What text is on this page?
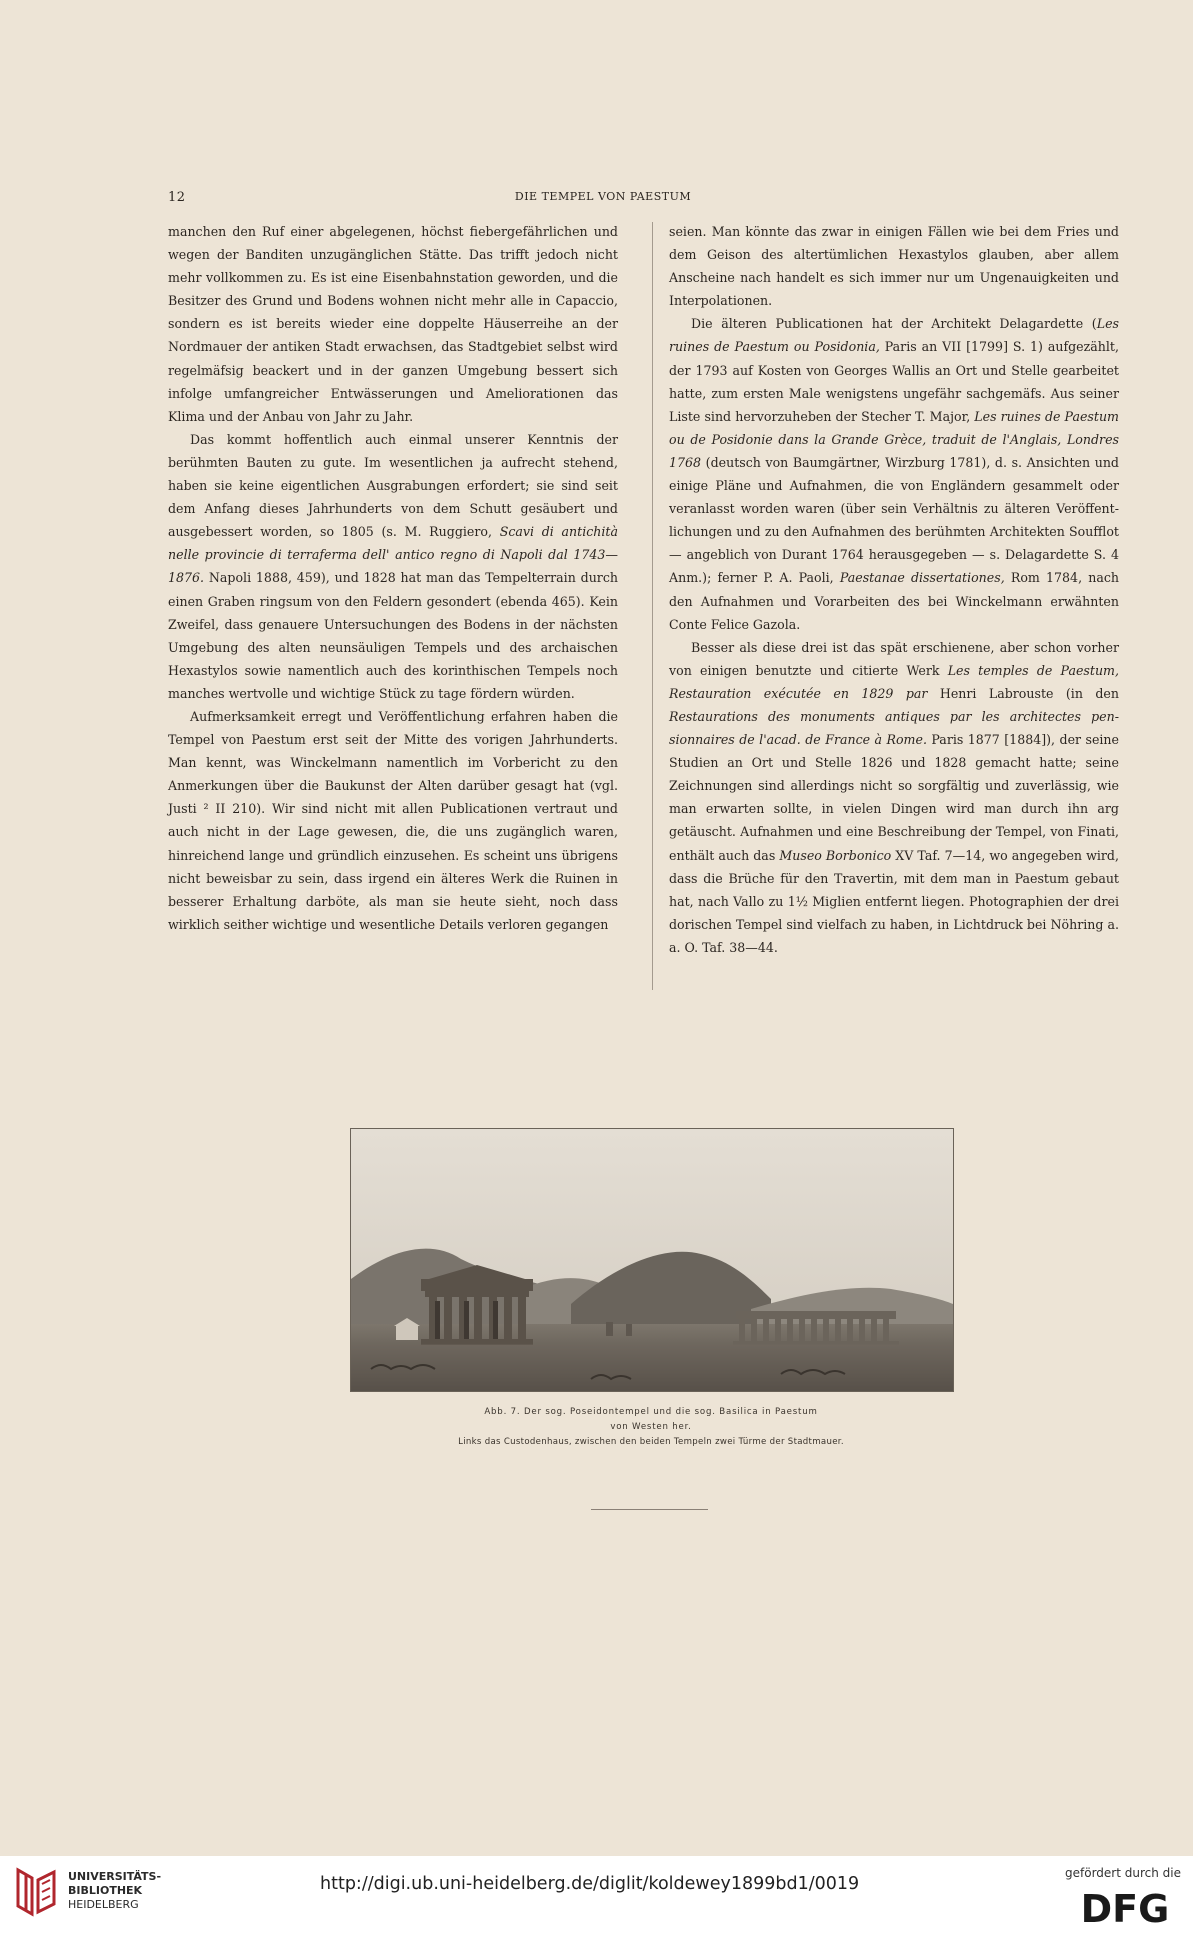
12	DIE TEMPEL VON PAESTUM

manchen den Ruf einer abgelegenen, höchst fiebergefährlichen und wegen der Banditen unzugänglichen Stätte. Das trifft jedoch nicht mehr vollkommen zu. Es ist eine Eisenbahnstation geworden, und die Besitzer des Grund und Bodens wohnen nicht mehr alle in Capaccio, sondern es ist bereits wieder eine doppelte Häuserreihe an der Nordmauer der antiken Stadt erwachsen, das Stadtgebiet selbst wird regelmäfsig beackert und in der ganzen Umgebung bessert sich infolge umfangreicher Entwässerungen und Ameliorationen das Klima und der Anbau von Jahr zu Jahr.

Das kommt hoffentlich auch einmal unserer Kenntnis der berühmten Bauten zu gute. Im wesentlichen ja aufrecht stehend, haben sie keine eigentlichen Ausgrabungen erfordert; sie sind seit dem Anfang dieses Jahrhunderts von dem Schutt gesäubert und ausgebessert worden, so 1805 (s. M. Ruggiero, Scavi di antichità nelle provincie di terraferma dell' antico regno di Napoli dal 1743—1876. Napoli 1888, 459), und 1828 hat man das Tempelterrain durch einen Graben ringsum von den Feldern gesondert (ebenda 465). Kein Zweifel, dass genauere Untersuchungen des Bodens in der nächsten Umgebung des alten neunsäuligen Tempels und des archaischen Hexastylos sowie namentlich auch des korinthischen Tempels noch manches wertvolle und wichtige Stück zu tage fördern würden.

Aufmerksamkeit erregt und Veröffentlichung erfahren haben die Tempel von Paestum erst seit der Mitte des vorigen Jahrhunderts. Man kennt, was Winckelmann namentlich im Vorbericht zu den Anmerkungen über die Baukunst der Alten darüber gesagt hat (vgl. Justi ² II 210). Wir sind nicht mit allen Publicationen vertraut und auch nicht in der Lage gewesen, die, die uns zugänglich waren, hinreichend lange und gründlich einzusehen. Es scheint uns übrigens nicht beweisbar zu sein, dass irgend ein älteres Werk die Ruinen in besserer Erhaltung darböte, als man sie heute sieht, noch dass wirklich seither wichtige und wesentliche Details verloren gegangen

seien. Man könnte das zwar in einigen Fällen wie bei dem Fries und dem Geison des altertümlichen Hexastylos glauben, aber allem Anscheine nach handelt es sich immer nur um Ungenauigkeiten und Interpolationen.

Die älteren Publicationen hat der Architekt Delagardette (Les ruines de Paestum ou Posidonia, Paris an VII [1799] S. 1) aufgezählt, der 1793 auf Kosten von Georges Wallis an Ort und Stelle gearbeitet hatte, zum ersten Male wenigstens ungefähr sachgemäfs. Aus seiner Liste sind hervorzuheben der Stecher T. Major, Les ruines de Paestum ou de Posidonie dans la Grande Grèce, traduit de l'Anglais, Londres 1768 (deutsch von Baumgärtner, Wirzburg 1781), d. s. Ansichten und einige Pläne und Aufnahmen, die von Engländern gesammelt oder veranlasst worden waren (über sein Verhältnis zu älteren Veröffentlichungen und zu den Aufnahmen des berühmten Architekten Soufflot — angeblich von Durant 1764 herausgegeben — s. Delagardette S. 4 Anm.); ferner P. A. Paoli, Paestanae dissertationes, Rom 1784, nach den Aufnahmen und Vorarbeiten des bei Winckelmann erwähnten Conte Felice Gazola.

Besser als diese drei ist das spät erschienene, aber schon vorher von einigen benutzte und citierte Werk Les temples de Paestum, Restauration exécutée en 1829 par Henri Labrouste (in den Restaurations des monuments antiques par les architectes pensionnaires de l'acad. de France à Rome. Paris 1877 [1884]), der seine Studien an Ort und Stelle 1826 und 1828 gemacht hatte; seine Zeichnungen sind allerdings nicht so sorgfältig und zuverlässig, wie man erwarten sollte, in vielen Dingen wird man durch ihn arg getäuscht. Aufnahmen und eine Beschreibung der Tempel, von Finati, enthält auch das Museo Borbonico XV Taf. 7—14, wo angegeben wird, dass die Brüche für den Travertin, mit dem man in Paestum gebaut hat, nach Vallo zu 1½ Miglien entfernt liegen. Photographien der drei dorischen Tempel sind vielfach zu haben, in Lichtdruck bei Nöhring a. a. O. Taf. 38—44.

Abb. 7. Der sog. Poseidontempel und die sog. Basilica in Paestum
von Westen her.
Links das Custodenhaus, zwischen den beiden Tempeln zwei Türme der Stadtmauer.
UNIVERSITÄTS-
BIBLIOTHEK
HEIDELBERG
http://digi.ub.uni-heidelberg.de/diglit/koldewey1899bd1/0019
gefördert durch die
DFG
